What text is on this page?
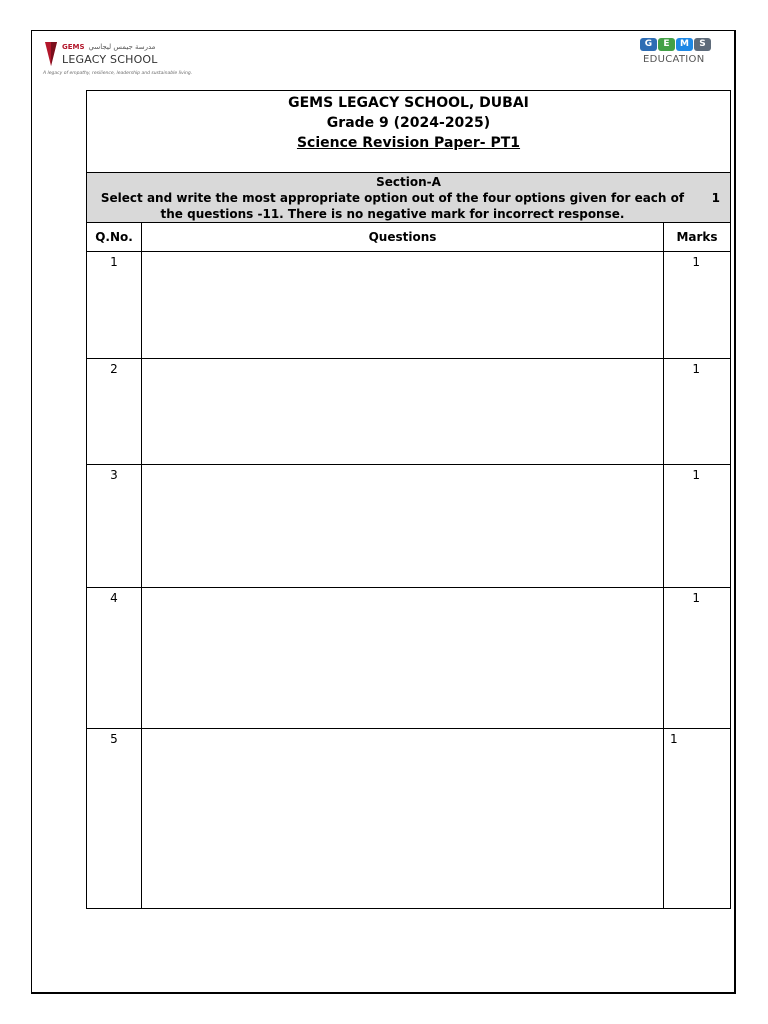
GEMS مدرسة جيمس ليجاسي
LEGACY SCHOOL
A legacy of empathy, resilience, leadership and sustainable living.
G	E	M	S
EDUCATION
GEMS LEGACY SCHOOL, DUBAI
Grade 9 (2024-2025)
Science Revision Paper- PT1		

Section-A
Select and write the most appropriate option out of the four options given for each of the questions -11. There is no negative mark for incorrect response.
1		

Q.No.	Questions	Marks
1		1
2		1
3		1
4		1
5		1
